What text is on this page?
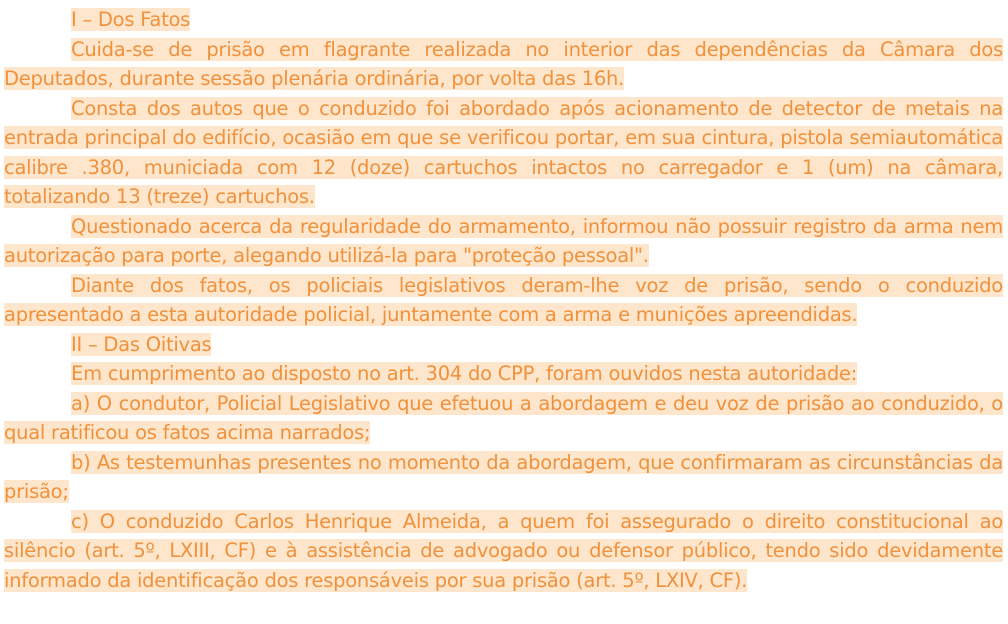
I – Dos Fatos

Cuida-se de prisão em flagrante realizada no interior das dependências da Câmara dos Deputados, durante sessão plenária ordinária, por volta das 16h.

Consta dos autos que o conduzido foi abordado após acionamento de detector de metais na entrada principal do edifício, ocasião em que se verificou portar, em sua cintura, pistola semiautomática calibre .380, municiada com 12 (doze) cartuchos intactos no carregador e 1 (um) na câmara, totalizando 13 (treze) cartuchos.

Questionado acerca da regularidade do armamento, informou não possuir registro da arma nem autorização para porte, alegando utilizá-la para "proteção pessoal".

Diante dos fatos, os policiais legislativos deram-lhe voz de prisão, sendo o conduzido apresentado a esta autoridade policial, juntamente com a arma e munições apreendidas.

II – Das Oitivas

Em cumprimento ao disposto no art. 304 do CPP, foram ouvidos nesta autoridade:

a) O condutor, Policial Legislativo que efetuou a abordagem e deu voz de prisão ao conduzido, o qual ratificou os fatos acima narrados;

b) As testemunhas presentes no momento da abordagem, que confirmaram as circunstâncias da prisão;

c) O conduzido Carlos Henrique Almeida, a quem foi assegurado o direito constitucional ao silêncio (art. 5º, LXIII, CF) e à assistência de advogado ou defensor público, tendo sido devidamente informado da identificação dos responsáveis por sua prisão (art. 5º, LXIV, CF).
